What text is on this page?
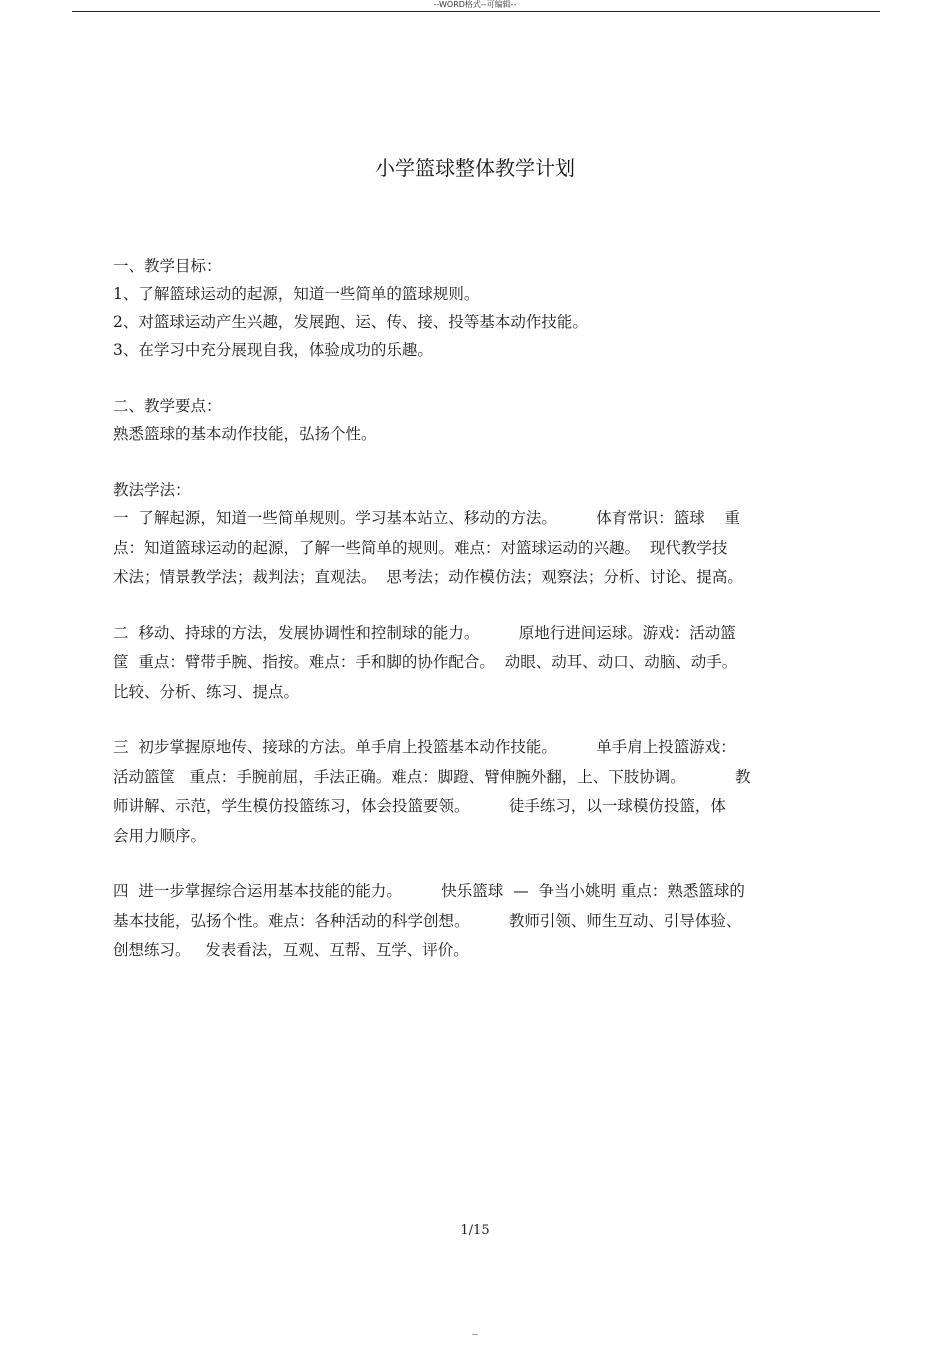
--WORD格式--可编辑--
小学篮球整体教学计划

一、教学目标：

1、了解篮球运动的起源，知道一些简单的篮球规则。

2、对篮球运动产生兴趣，发展跑、运、传、接、投等基本动作技能。

3、在学习中充分展现自我，体验成功的乐趣。

二、教学要点：

熟悉篮球的基本动作技能，弘扬个性。

教法学法：

一  了解起源，知道一些简单规则。学习基本站立、移动的方法。        体育常识：篮球    重
点：知道篮球运动的起源，了解一些简单的规则。难点：对篮球运动的兴趣。  现代教学技
术法；情景教学法；裁判法；直观法。  思考法；动作模仿法；观察法；分析、讨论、提高。
二  移动、持球的方法，发展协调性和控制球的能力。        原地行进间运球。游戏：活动篮
筐  重点：臂带手腕、指按。难点：手和脚的协作配合。  动眼、动耳、动口、动脑、动手。
比较、分析、练习、提点。
三  初步掌握原地传、接球的方法。单手肩上投篮基本动作技能。        单手肩上投篮游戏：
活动篮筐   重点：手腕前屈，手法正确。难点：脚蹬、臂伸腕外翻，上、下肢协调。          教
师讲解、示范，学生模仿投篮练习，体会投篮要领。        徒手练习，以一球模仿投篮，体
会用力顺序。
四  进一步掌握综合运用基本技能的能力。        快乐篮球  —  争当小姚明 重点：熟悉篮球的
基本技能，弘扬个性。难点：各种活动的科学创想。        教师引领、师生互动、引导体验、
创想练习。   发表看法，互观、互帮、互学、评价。
1/15
--
